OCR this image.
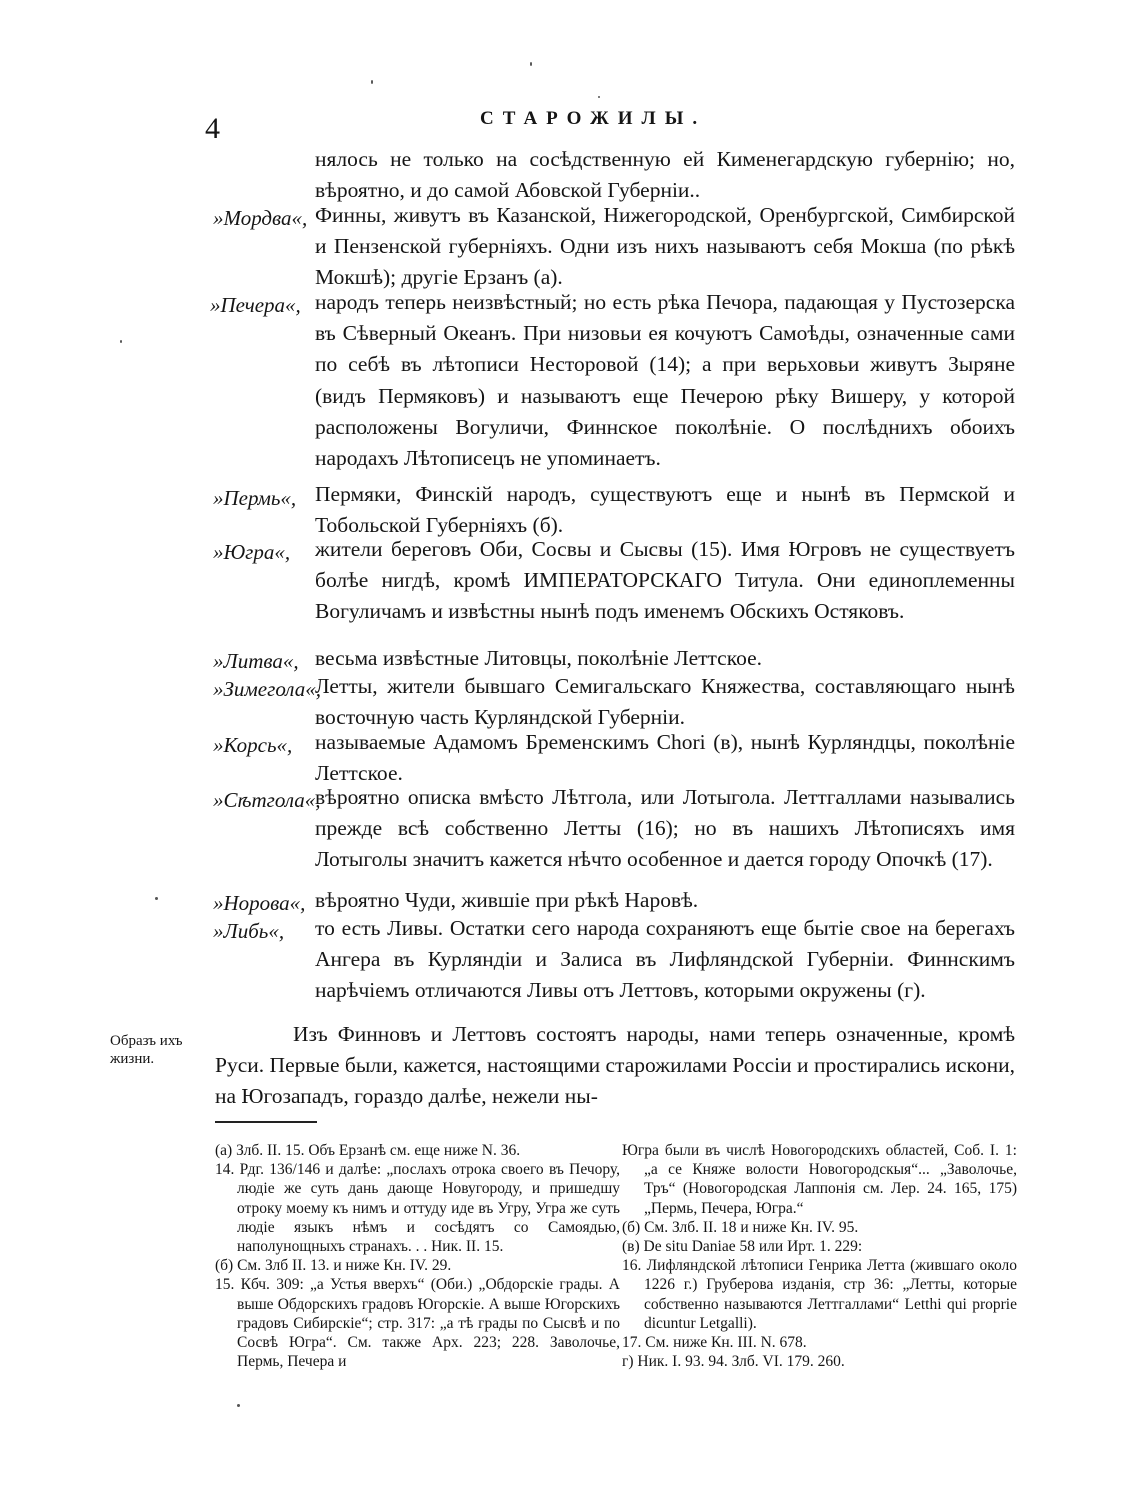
4	СТАРОЖИЛЫ.
нялось не только на сосѣдственную ей Кименегардскую губернію; но, вѣроятно, и до самой Абовской Губерніи..
»Мордва«, Финны, живутъ въ Казанской, Нижегородской, Оренбургской, Симбирской и Пензенской губерніяхъ. Одни изъ нихъ называютъ себя Мокша (по рѣкѣ Мокшѣ); другіе Ерзанъ (а).
»Печера«, народъ теперь неизвѣстный; но есть рѣка Печора, падающая у Пустозерска въ Сѣверный Океанъ. При низовьи ея кочуютъ Самоѣды, означенные сами по себѣ въ лѣтописи Несторовой (14); а при верьховьи живутъ Зыряне (видъ Пермяковъ) и называютъ еще Печерою рѣку Вишеру, у которой расположены Вогуличи, Финнское поколѣніе. О послѣднихъ обоихъ народахъ Лѣтописецъ не упоминаетъ.
»Пермь«, Пермяки, Финскій народъ, существуютъ еще и нынѣ въ Пермской и Тобольской Губерніяхъ (б).
»Югра«, жители береговъ Оби, Сосвы и Сысвы (15). Имя Югровъ не существуетъ болѣе нигдѣ, кромѣ ИМПЕРАТОРСКАГО Титула. Они единоплеменны Вогуличамъ и извѣстны нынѣ подъ именемъ Обскихъ Остяковъ.
»Литва«, весьма извѣстные Литовцы, поколѣніе Леттское.
»Зимегола«,
Летты, жители бывшаго Семигальскаго Княжества, составляющаго нынѣ восточную часть Курляндской Губерніи.
»Корсь«, называемые Адамомъ Бременскимъ Chori (в), нынѣ Курляндцы, поколѣніе Леттское.
»Сѣтгола«,
вѣроятно описка вмѣсто Лѣтгола, или Лотыгола. Леттгаллами назывались прежде всѣ собственно Летты (16); но въ нашихъ Лѣтописяхъ имя Лотыголы значитъ кажется нѣчто особенное и дается городу Опочкѣ (17).
»Норова«, вѣроятно Чуди, жившіе при рѣкѣ Наровѣ.
»Либь«, то есть Ливы. Остатки сего народа сохраняютъ еще бытіе свое на берегахъ Ангера въ Курляндіи и Залиса въ Лифляндской Губерніи. Финнскимъ нарѣчіемъ отличаются Ливы отъ Леттовъ, которыми окружены (г).
Образъ ихъ жизни.
Изъ Финновъ и Леттовъ состоятъ народы, нами теперь означенные, кромѣ Руси. Первые были, кажется, настоящими старожилами Россіи и простирались искони, на Югозападъ, гораздо далѣе, нежели ны-

(а) Злб. II. 15. Объ Ерзанѣ см. еще ниже N. 36.

14. Рдг. 136/146 и далѣе: „послахъ отрока своего въ Печору, людіе же суть дань дающе Новугороду, и пришедшу отроку моему къ нимъ и оттуду иде въ Угру, Угра же суть людіе языкъ нѣмъ и сосѣдятъ со Самоядью, наполунощныхъ странахъ. . . Ник. II. 15.

(б) См. Злб II. 13. и ниже Кн. IV. 29.

15. Кбч. 309: „а Устья вверхъ“ (Оби.) „Обдорскіе грады. А выше Обдорскихъ градовъ Югорскіе. А выше Югорскихъ градовъ Сибирскіе“; стр. 317: „а тѣ грады по Сысвѣ и по Сосвѣ Югра“. См. также Арх. 223; 228. Заволочье, Пермь, Печера и

Югра были въ числѣ Новогородскихъ областей, Соб. I. 1: „а се Княже волости Новогородскыя“... „Заволочье, Тръ“ (Новогородская Лаппонія см. Лер. 24. 165, 175) „Пермь, Печера, Югра.“

(б) См. Злб. II. 18 и ниже Кн. IV. 95.

(в) De situ Daniae 58 или Ирт. 1. 229:

16. Лифляндской лѣтописи Генрика Летта (жившаго около 1226 г.) Груберова изданія, стр 36: „Летты, которые собственно называются Леттгаллами“ Letthi qui proprie dicuntur Letgalli).

17. См. ниже Кн. III. N. 678.

г) Ник. I. 93. 94. Злб. VI. 179. 260.
